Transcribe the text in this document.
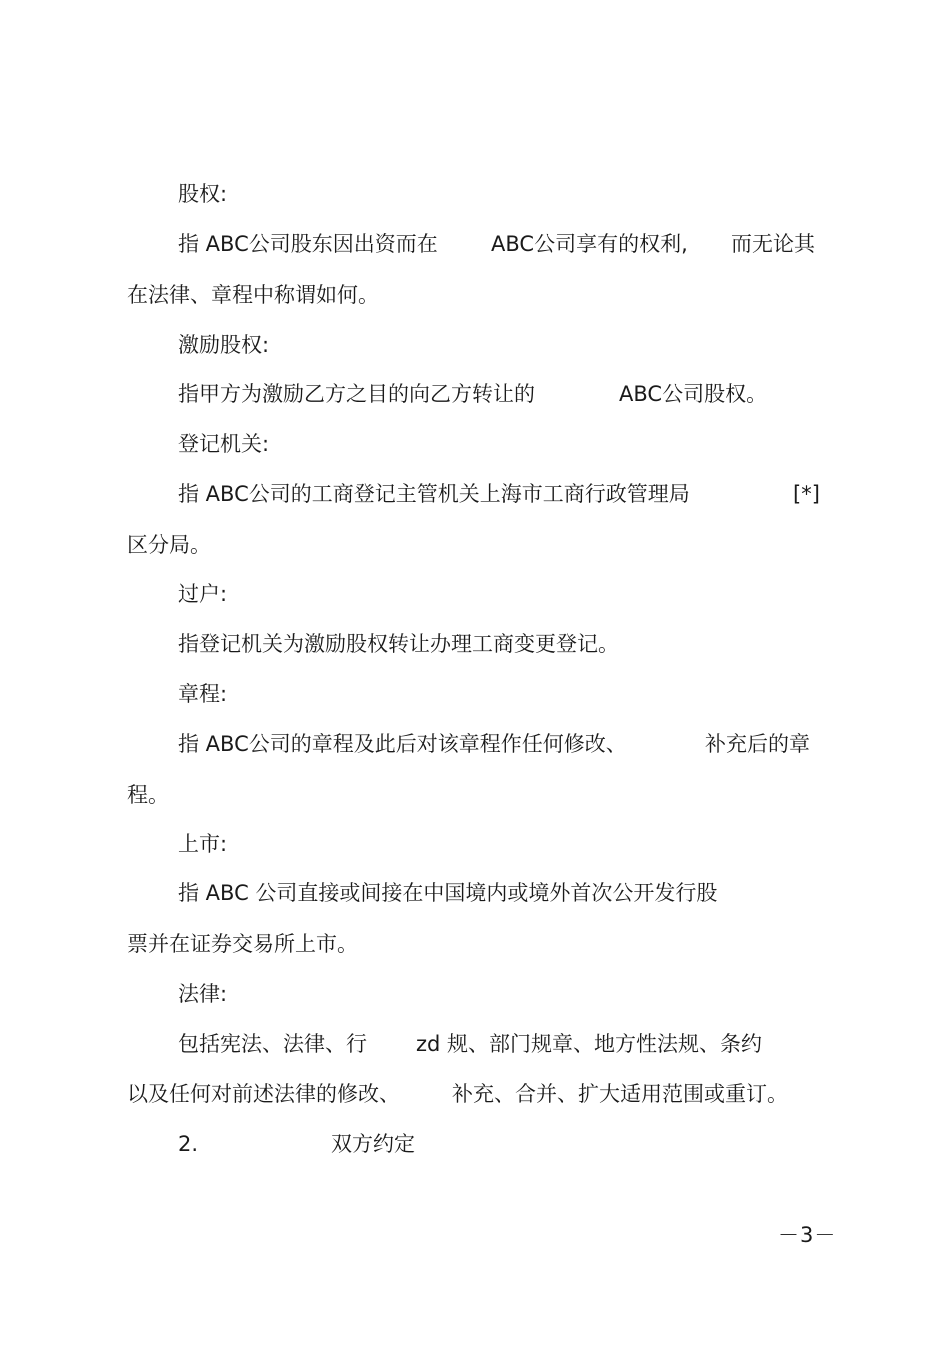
股权:
指 ABC公司股东因出资而在	ABC公司享有的权利, 而无论其
在法律、章程中称谓如何。
激励股权:
指甲方为激励乙方之目的向乙方转让的	ABC公司股权。
登记机关:
指 ABC公司的工商登记主管机关上海市工商行政管理局	[*]
区分局。
过户:
指登记机关为激励股权转让办理工商变更登记。
章程:
指 ABC公司的章程及此后对该章程作任何修改、	补充后的章
程。
上市:
指 ABC 公司直接或间接在中国境内或境外首次公开发行股
票并在证券交易所上市。
法律:
包括宪法、法律、行 zd 规、部门规章、地方性法规、条约
以及任何对前述法律的修改、 补充、合并、扩大适用范围或重订。
2.	双方约定
－3－
